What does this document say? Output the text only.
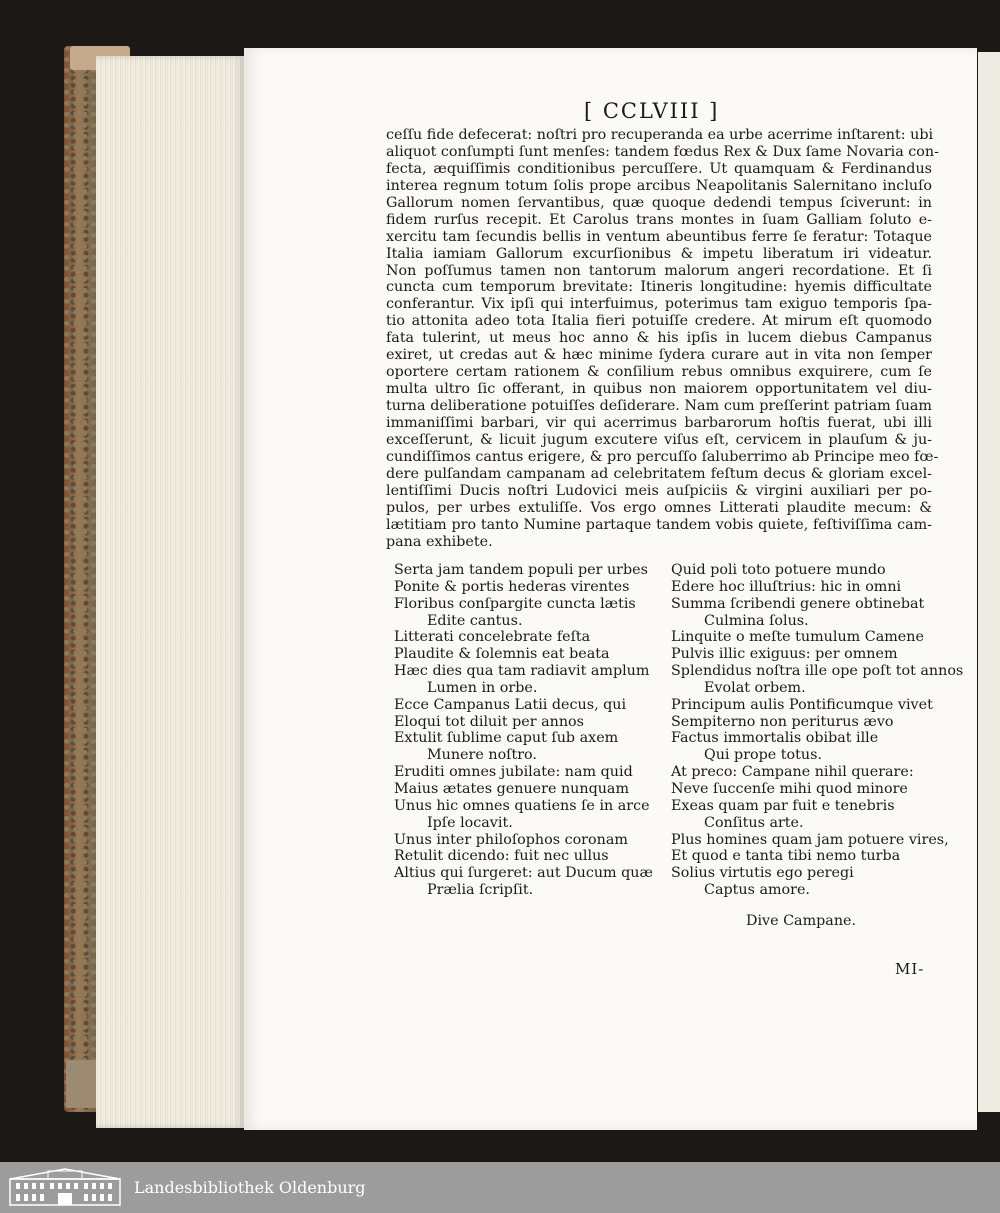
[ CCLVIII ]
ceſſu fide defecerat: noſtri pro recuperanda ea urbe acerrime inſtarent: ubi
aliquot conſumpti ſunt menſes: tandem fœdus Rex & Dux ſame Novaria con-
fecta, æquiſſimis conditionibus percuſſere. Ut quamquam & Ferdinandus
interea regnum totum ſolis prope arcibus Neapolitanis Salernitano incluſo
Gallorum nomen ſervantibus, quæ quoque dedendi tempus ſciverunt: in
fidem rurſus recepit. Et Carolus trans montes in ſuam Galliam ſoluto e-
xercitu tam ſecundis bellis in ventum abeuntibus ferre ſe feratur: Totaque
Italia iamiam Gallorum excurſionibus & impetu liberatum iri videatur.
Non poſſumus tamen non tantorum malorum angeri recordatione. Et ſi
cuncta cum temporum brevitate: Itineris longitudine: hyemis difficultate
conferantur. Vix ipſi qui interfuimus, poterimus tam exiguo temporis ſpa-
tio attonita adeo tota Italia fieri potuiſſe credere. At mirum eſt quomodo
fata tulerint, ut meus hoc anno & his ipſis in lucem diebus Campanus
exiret, ut credas aut & hæc minime ſydera curare aut in vita non ſemper
oportere certam rationem & conſilium rebus omnibus exquirere, cum ſe
multa ultro ſic offerant, in quibus non maiorem opportunitatem vel diu-
turna deliberatione potuiſſes deſiderare. Nam cum preſſerint patriam ſuam
immaniſſimi barbari, vir qui acerrimus barbarorum hoſtis fuerat, ubi illi
exceſſerunt, & licuit jugum excutere viſus eſt, cervicem in plauſum & ju-
cundiſſimos cantus erigere, & pro percuſſo ſaluberrimo ab Principe meo fœ-
dere pulſandam campanam ad celebritatem feſtum decus & gloriam excel-
lentiſſimi Ducis noſtri Ludovici meis auſpiciis & virgini auxiliari per po-
pulos, per urbes extuliſſe. Vos ergo omnes Litterati plaudite mecum: &
lætitiam pro tanto Numine partaque tandem vobis quiete, feſtiviſſima cam-
pana exhibete.
Serta jam tandem populi per urbes
Ponite & portis hederas virentes
Floribus conſpargite cuncta lætis
Edite cantus.
Litterati concelebrate feſta
Plaudite & ſolemnis eat beata
Hæc dies qua tam radiavit amplum
Lumen in orbe.
Ecce Campanus Latii decus, qui
Eloqui tot diluit per annos
Extulit ſublime caput ſub axem
Munere noſtro.
Eruditi omnes jubilate: nam quid
Maius ætates genuere nunquam
Unus hic omnes quatiens ſe in arce
Ipſe locavit.
Unus inter philoſophos coronam
Retulit dicendo: fuit nec ullus
Altius qui ſurgeret: aut Ducum quæ
Prælia ſcripſit.
Quid poli toto potuere mundo
Edere hoc illuſtrius: hic in omni
Summa ſcribendi genere obtinebat
Culmina ſolus.
Linquite o meſte tumulum Camene
Pulvis illic exiguus: per omnem
Splendidus noſtra ille ope poſt tot annos
Evolat orbem.
Principum aulis Pontificumque vivet
Sempiterno non periturus ævo
Factus immortalis obibat ille
Qui prope totus.
At preco: Campane nihil querare:
Neve ſuccenſe mihi quod minore
Exeas quam par fuit e tenebris
Conſitus arte.
Plus homines quam jam potuere vires,
Et quod e tanta tibi nemo turba
Solius virtutis ego peregi
Captus amore.
Dive Campane.
MI-
Landesbibliothek Oldenburg
